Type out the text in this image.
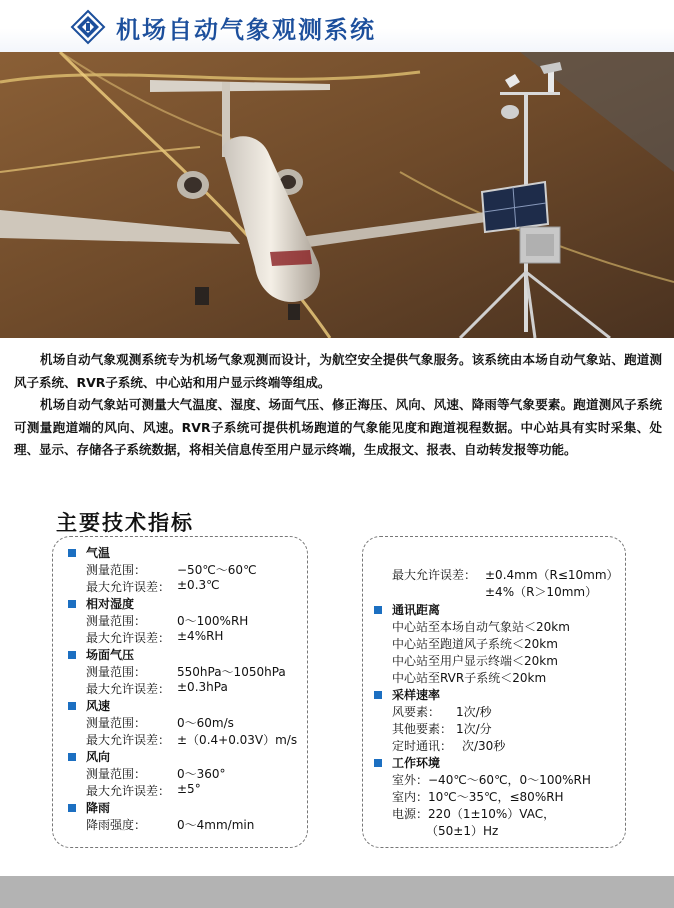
机场自动气象观测系统

机场自动气象观测系统专为机场气象观测而设计，为航空安全提供气象服务。该系统由本场自动气象站、跑道测风子系统、RVR子系统、中心站和用户显示终端等组成。

机场自动气象站可测量大气温度、湿度、场面气压、修正海压、风向、风速、降雨等气象要素。跑道测风子系统可测量跑道端的风向、风速。RVR子系统可提供机场跑道的气象能见度和跑道视程数据。中心站具有实时采集、处理、显示、存储各子系统数据，将相关信息传至用户显示终端，生成报文、报表、自动转发报等功能。

主要技术指标
气温
测量范围：	−50℃～60℃
最大允许误差： ±0.3℃
相对湿度
测量范围：	0～100%RH
最大允许误差： ±4%RH
场面气压
测量范围：	550hPa～1050hPa
最大允许误差： ±0.3hPa
风速
测量范围：	0～60m/s
最大允许误差： ±（0.4+0.03V）m/s
风向
测量范围：	0～360°
最大允许误差： ±5°
降雨
降雨强度：	0～4mm/min
最大允许误差： ±0.4mm（R≤10mm）
±4%（R＞10mm）
通讯距离
中心站至本场自动气象站＜20km
中心站至跑道风子系统＜20km
中心站至用户显示终端＜20km
中心站至RVR子系统＜20km
采样速率
风要素： 1次/秒
其他要素： 1次/分
定时通讯： 次/30秒
工作环境
室外：−40℃～60℃，0～100%RH
室内：10℃～35℃，≤80%RH
电源：220（1±10%）VAC，
（50±1）Hz
